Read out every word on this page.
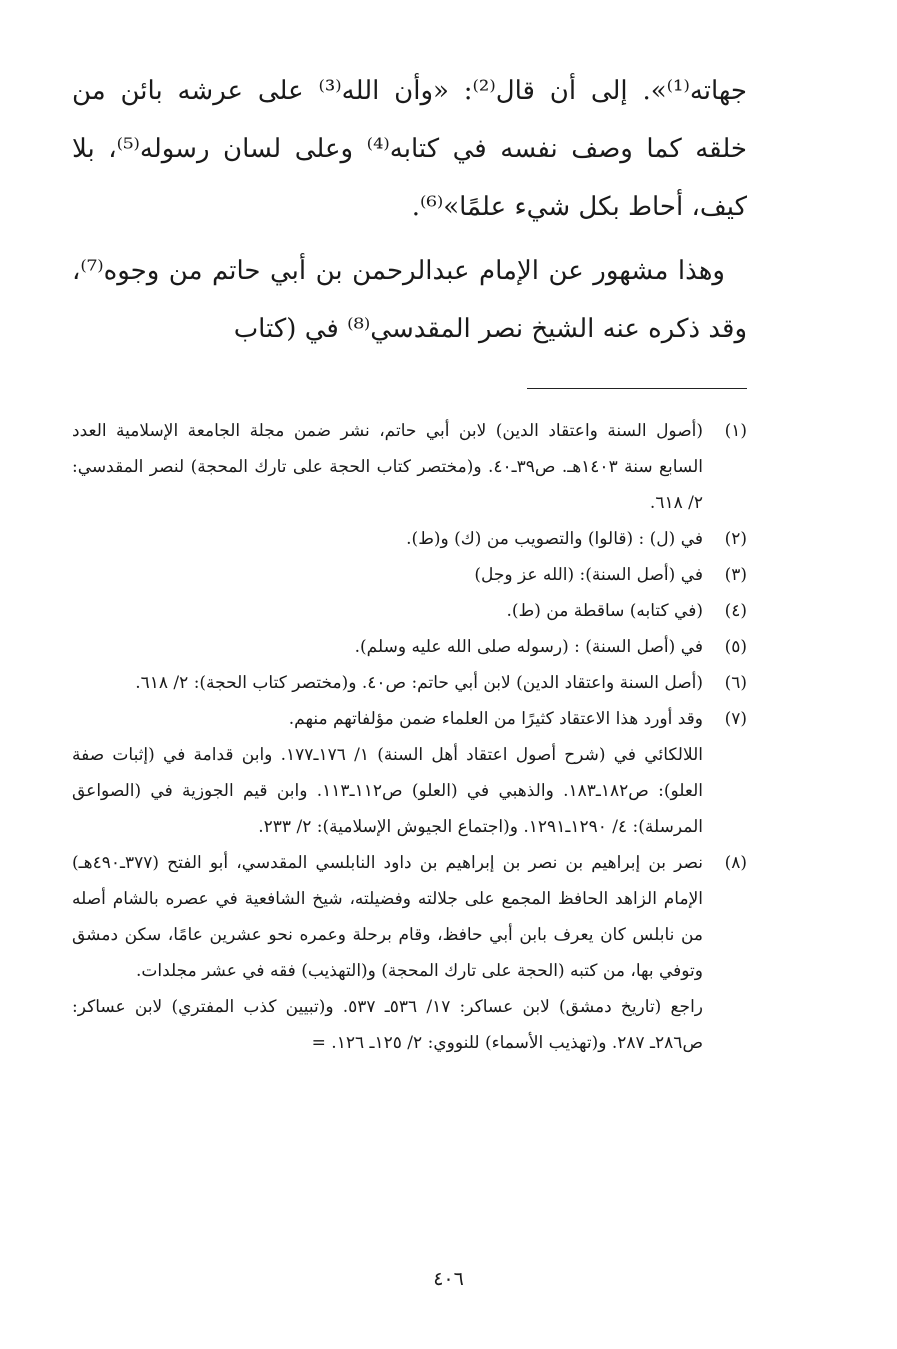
جهاته⁽¹⁾». إلى أن قال⁽²⁾: «وأن الله⁽³⁾ على عرشه بائن من خلقه كما وصف نفسه في كتابه⁽⁴⁾ وعلى لسان رسوله⁽⁵⁾، بلا كيف، أحاط بكل شيء علمًا»⁽⁶⁾.

وهذا مشهور عن الإمام عبدالرحمن بن أبي حاتم من وجوه⁽⁷⁾، وقد ذكره عنه الشيخ نصر المقدسي⁽⁸⁾ في (كتاب

(١)
(أصول السنة واعتقاد الدين) لابن أبي حاتم، نشر ضمن مجلة الجامعة الإسلامية العدد السابع سنة ١٤٠٣هـ. ص٣٩ـ٤٠. و(مختصر كتاب الحجة على تارك المحجة) لنصر المقدسي: ٢/ ٦١٨.
(٢)
في (ل) : (قالوا) والتصويب من (ك) و(ط).
(٣)
في (أصل السنة): (الله عز وجل)
(٤)
(في كتابه) ساقطة من (ط).
(٥)
في (أصل السنة) : (رسوله صلى الله عليه وسلم).
(٦)
(أصل السنة واعتقاد الدين) لابن أبي حاتم: ص٤٠. و(مختصر كتاب الحجة): ٢/ ٦١٨.
(٧)
وقد أورد هذا الاعتقاد كثيرًا من العلماء ضمن مؤلفاتهم منهم.
اللالكائي في (شرح أصول اعتقاد أهل السنة) ١/ ١٧٦ـ١٧٧. وابن قدامة في (إثبات صفة العلو): ص١٨٢ـ١٨٣. والذهبي في (العلو) ص١١٢ـ١١٣. وابن قيم الجوزية في (الصواعق المرسلة): ٤/ ١٢٩٠ـ١٢٩١. و(اجتماع الجيوش الإسلامية): ٢/ ٢٣٣.
(٨)
نصر بن إبراهيم بن نصر بن إبراهيم بن داود النابلسي المقدسي، أبو الفتح (٣٧٧ـ٤٩٠هـ) الإمام الزاهد الحافظ المجمع على جلالته وفضيلته، شيخ الشافعية في عصره بالشام أصله من نابلس كان يعرف بابن أبي حافظ، وقام برحلة وعمره نحو عشرين عامًا، سكن دمشق وتوفي بها، من كتبه (الحجة على تارك المحجة) و(التهذيب) فقه في عشر مجلدات.
راجع (تاريخ دمشق) لابن عساكر: ١٧/ ٥٣٦ـ ٥٣٧. و(تبيين كذب المفتري) لابن عساكر: ص٢٨٦ـ ٢٨٧. و(تهذيب الأسماء) للنووي: ٢/ ١٢٥ـ ١٢٦. =
٤٠٦
